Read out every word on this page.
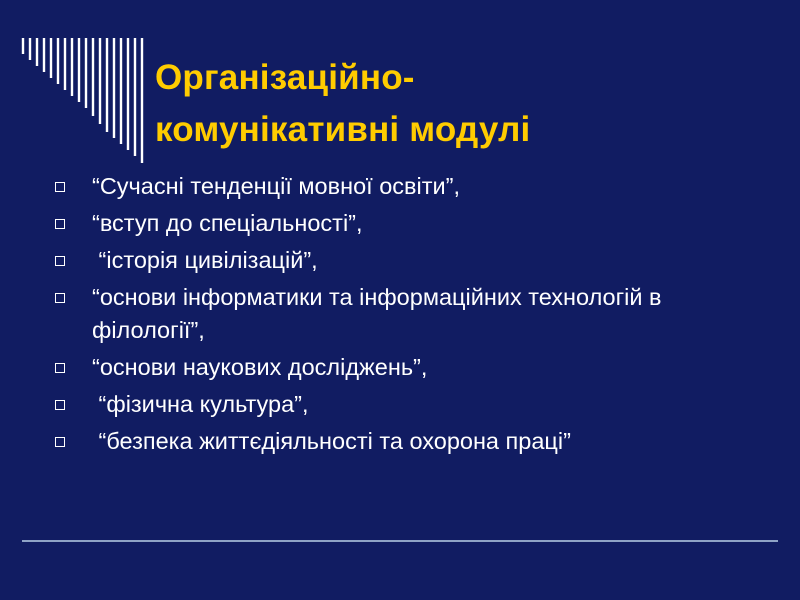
Організаційно-
комунікативні модулі
“Сучасні тенденції мовної освіти”,
“вступ до спеціальності”,
“історія цивілізацій”,
“основи інформатики та інформаційних технологій в філології”,
“основи наукових досліджень”,
“фізична культура”,
“безпека життєдіяльності та охорона праці”
